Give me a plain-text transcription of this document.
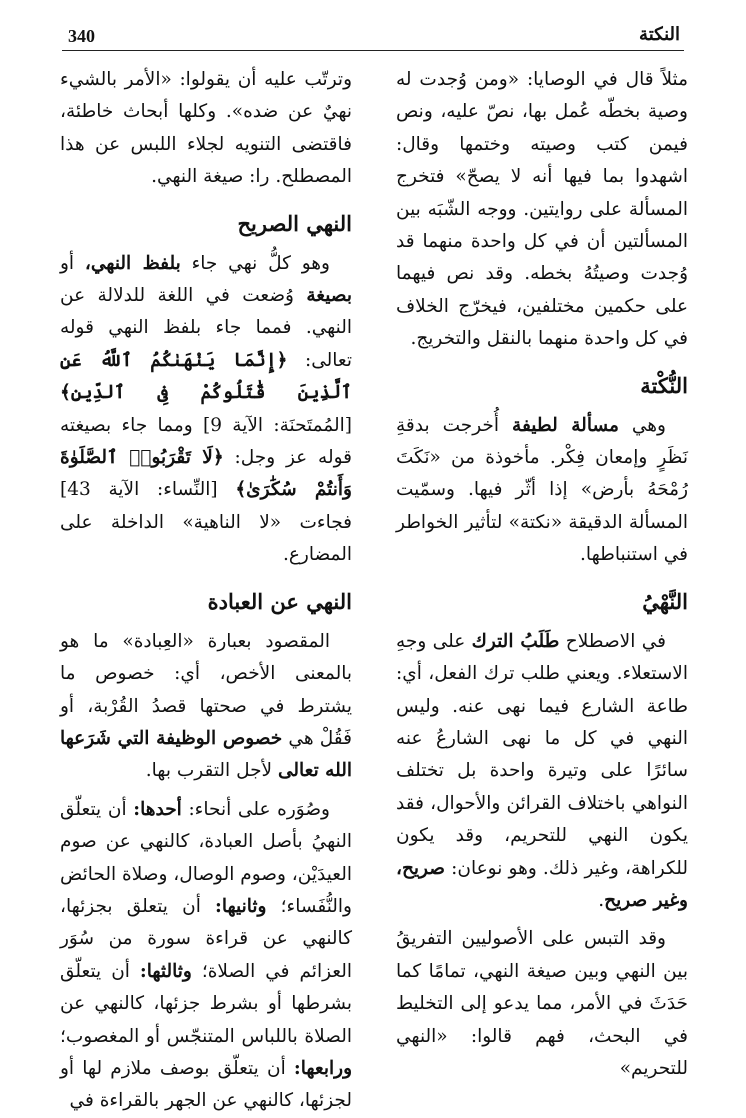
340	النكتة

مثلاً قال في الوصايا: «ومن وُجدت له وصية بخطّه عُمل بها، نصّ عليه، ونص فيمن كتب وصيته وختمها وقال: اشهدوا بما فيها أنه لا يصحّ» فتخرج المسألة على روايتين. ووجه الشّبَه بين المسألتين أن في كل واحدة منهما قد وُجدت وصيتُهُ بخطه. وقد نص فيهما على حكمين مختلفين، فيخرّج الخلاف في كل واحدة منهما بالنقل والتخريج.

النُّكْتة

وهي مسألة لطيفة أُخرجت بدقةِ نَظَرٍ وإمعان فِكْر. مأخوذة من «نَكَتَ رُمْحَهُ بأرض» إذا أثّر فيها. وسمّيت المسألة الدقيقة «نكتة» لتأثير الخواطر في استنباطها.

النَّهْيُ

في الاصطلاح طَلَبُ الترك على وجهِ الاستعلاء. ويعني طلب ترك الفعل، أي: طاعة الشارع فيما نهى عنه. وليس النهي في كل ما نهى الشارعُ عنه سائرًا على وتيرة واحدة بل تختلف النواهي باختلاف القرائن والأحوال، فقد يكون النهي للتحريم، وقد يكون للكراهة، وغير ذلك. وهو نوعان: صريح، وغير صريح.

وقد التبس على الأصوليين التفريقُ بين النهي وبين صيغة النهي، تمامًا كما حَدَثَ في الأمر، مما يدعو إلى التخليط في البحث، فهم قالوا: «النهي للتحريم»

وترتّب عليه أن يقولوا: «الأمر بالشيء نهيٌ عن ضده». وكلها أبحاث خاطئة، فاقتضى التنويه لجلاء اللبس عن هذا المصطلح. را: صيغة النهي.

النهي الصريح

وهو كلُّ نهي جاء بلفظ النهي، أو بصيغة وُضعت في اللغة للدلالة عن النهي. فمما جاء بلفظ النهي قوله تعالى: ﴿إِنَّمَا يَنْهَىٰكُمُ ٱللَّهُ عَنِ ٱلَّذِينَ قَٰتَلُوكُمْ فِى ٱلدِّينِ﴾ [المُمتَحنَة: الآية 9] ومما جاء بصيغته قوله عز وجل: ﴿لَا تَقْرَبُوا۟ ٱلصَّلَوٰةَ وَأَنتُمْ سُكَٰرَىٰ﴾ [النِّساء: الآية 43] فجاءت «لا الناهية» الداخلة على المضارع.

النهي عن العبادة

المقصود بعبارة «العِبادة» ما هو بالمعنى الأخص، أي: خصوص ما يشترط في صحتها قصدُ القُرْبة، أو فَقُلْ هي خصوص الوظيفة التي شَرَعها الله تعالى لأجل التقرب بها.

وصُوَره على أنحاء: أحدها: أن يتعلّق النهيُ بأصل العبادة، كالنهي عن صوم العيدَيْن، وصوم الوصال، وصلاة الحائض والنُّفَساء؛ وثانيها: أن يتعلق بجزئها، كالنهي عن قراءة سورة من سُوَر العزائم في الصلاة؛ وثالثها: أن يتعلّق بشرطها أو بشرط جزئها، كالنهي عن الصلاة باللباس المتنجّس أو المغصوب؛ ورابعها: أن يتعلّق بوصف ملازم لها أو لجزئها، كالنهي عن الجهر بالقراءة في
